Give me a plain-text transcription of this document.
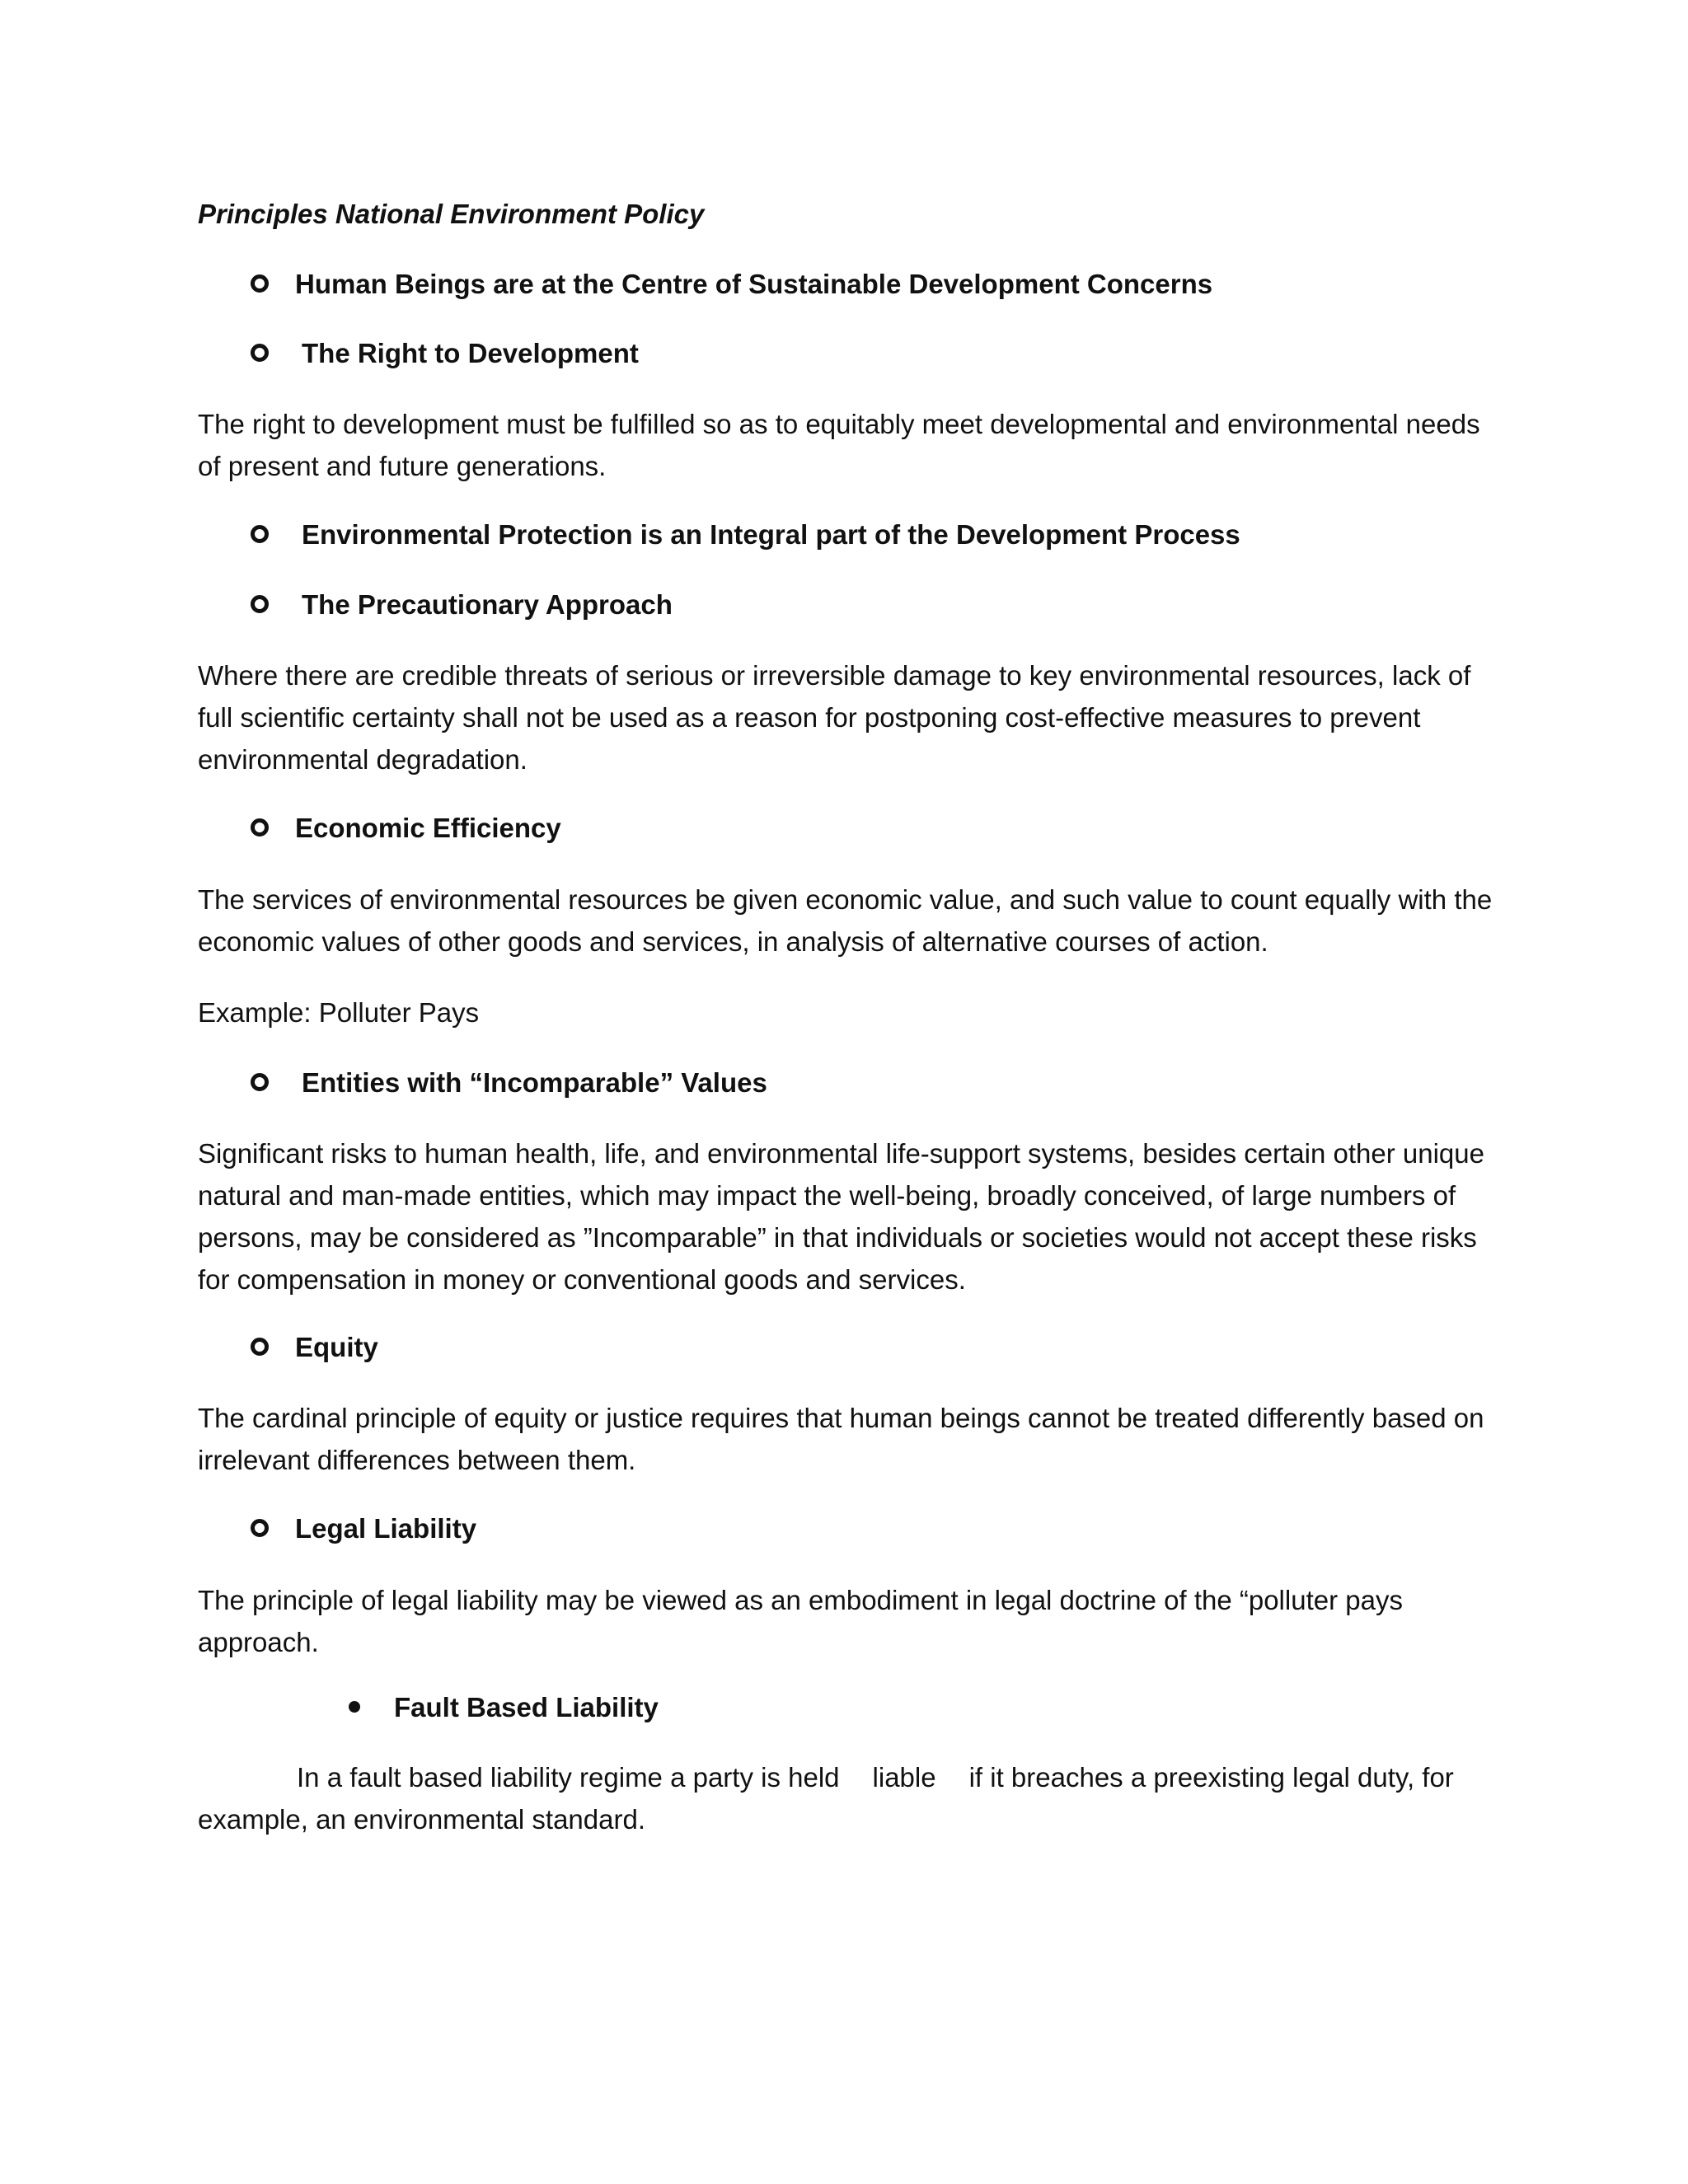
Principles National Environment Policy
Human Beings are at the Centre of Sustainable Development Concerns
The Right to Development
The right to development must be fulfilled so as to equitably meet developmental and environmental needs of present and future generations.
Environmental Protection is an Integral part of the Development Process
The Precautionary Approach
Where there are credible threats of serious or irreversible damage to key environmental resources, lack of full scientific certainty shall not be used as a reason for postponing cost-effective measures to prevent environmental degradation.
Economic Efficiency
The services of environmental resources be given economic value, and such value to count equally with the economic values of other goods and services, in analysis of alternative courses of action.
Example: Polluter Pays
Entities with “Incomparable” Values
Significant risks to human health, life, and environmental life-support systems, besides certain other unique natural and man-made entities, which may impact the well-being, broadly conceived, of large numbers of persons, may be considered as ”Incomparable” in that individuals or societies would not accept these risks for compensation in money or conventional goods and services.
Equity
The cardinal principle of equity or justice requires that human beings cannot be treated differently based on irrelevant differences between them.
Legal Liability
The principle of legal liability may be viewed as an embodiment in legal doctrine of the “polluter pays approach.
Fault Based Liability
In a fault based liability regime a party is held liable if it breaches a preexisting legal duty, for example, an environmental standard.
